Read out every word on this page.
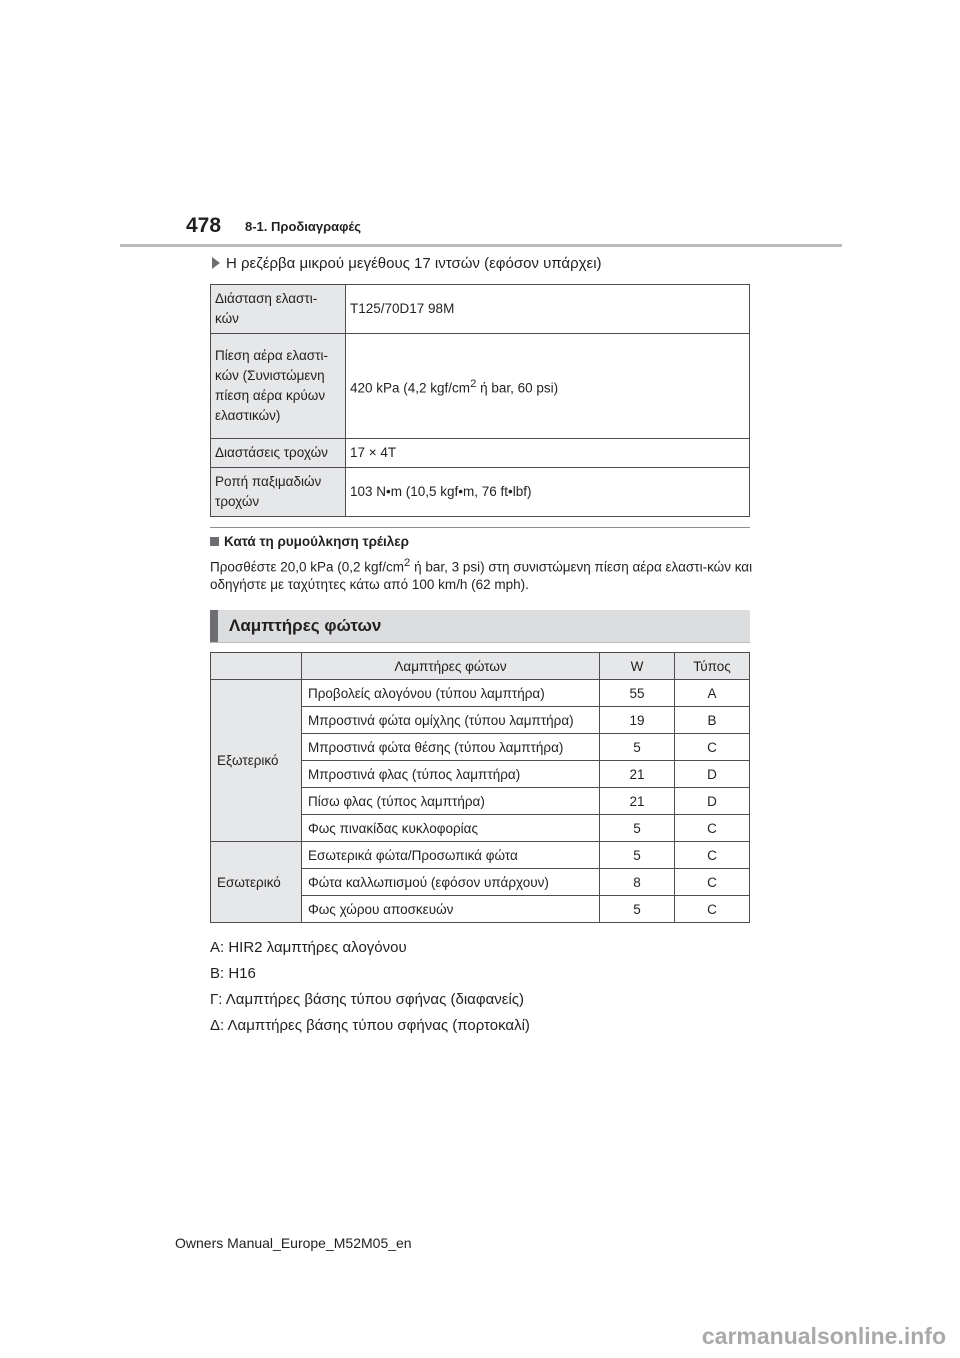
478 8-1. Προδιαγραφές
Η ρεζέρβα μικρού μεγέθους 17 ιντσών (εφόσον υπάρχει)
Διάσταση ελαστι-κών	T125/70D17 98M
Πίεση αέρα ελαστι-κών (Συνιστώμενη πίεση αέρα κρύων ελαστικών)	420 kPa (4,2 kgf/$cm^2$ ή bar, 60 psi)
Διαστάσεις τροχών	17 × 4T
Ροπή παξιμαδιών τροχών	103 N•m (10,5 kgf•m, 76 ft•lbf)
Κατά τη ρυμούλκηση τρέιλερ
Προσθέστε 20,0 kPa (0,2 kgf/$cm^2$ ή bar, 3 psi) στη συνιστώμενη πίεση αέρα ελαστι-κών και οδηγήστε με ταχύτητες κάτω από 100 km/h (62 mph).
Λαμπτήρες φώτων
	Λαμπτήρες φώτων	W	Τύπος
Εξωτερικό	Προβολείς αλογόνου (τύπου λαμπτήρα)	55	A
	Μπροστινά φώτα ομίχλης (τύπου λαμπτήρα)	19	B
	Μπροστινά φώτα θέσης (τύπου λαμπτήρα)	5	C
	Μπροστινά φλας (τύπος λαμπτήρα)	21	D
	Πίσω φλας (τύπος λαμπτήρα)	21	D
	Φως πινακίδας κυκλοφορίας	5	C
Εσωτερικό	Εσωτερικά φώτα/Προσωπικά φώτα	5	C
	Φώτα καλλωπισμού (εφόσον υπάρχουν)	8	C
	Φως χώρου αποσκευών	5	C
A: HIR2 λαμπτήρες αλογόνου
B: H16
Γ: Λαμπτήρες βάσης τύπου σφήνας (διαφανείς)
Δ: Λαμπτήρες βάσης τύπου σφήνας (πορτοκαλί)
Owners Manual_Europe_M52M05_en
carmanualsonline.info
